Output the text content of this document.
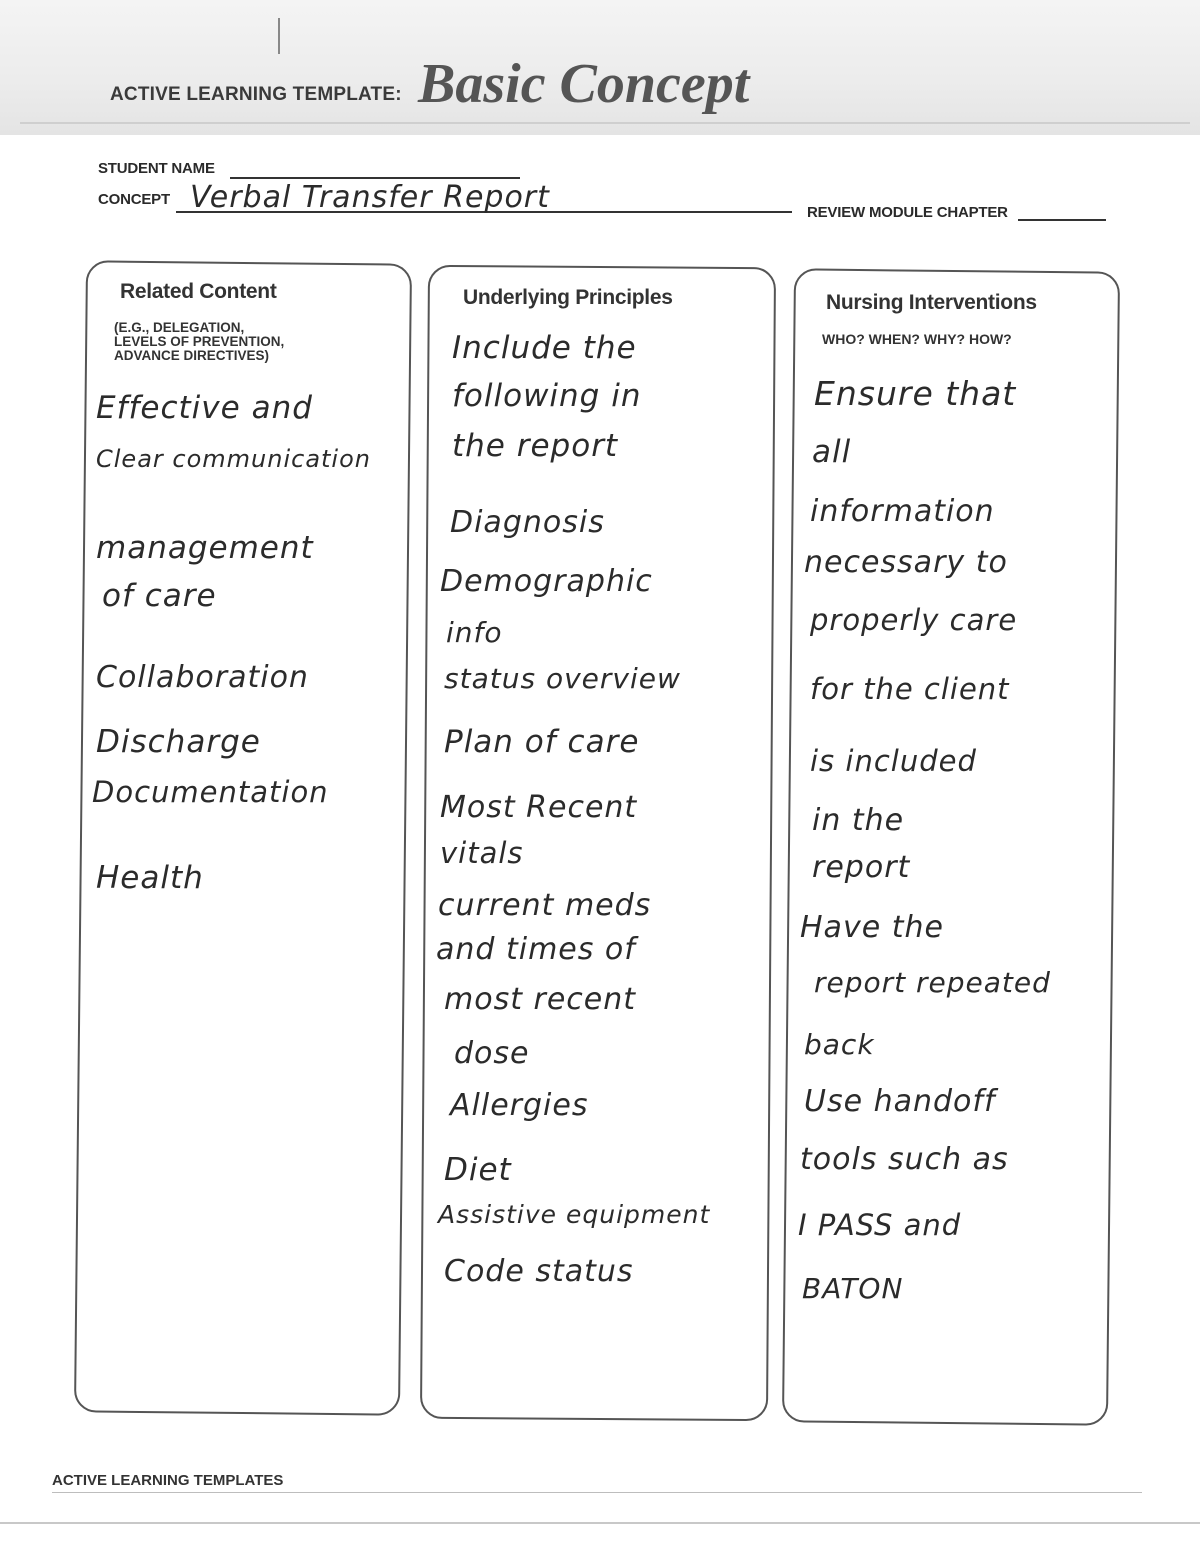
ACTIVE LEARNING TEMPLATE: Basic Concept
STUDENT NAME
CONCEPT Verbal Transfer Report	REVIEW MODULE CHAPTER
Related Content
(E.G., DELEGATION,
LEVELS OF PREVENTION,
ADVANCE DIRECTIVES)
Effective and
Clear communication
management
of care
Collaboration
Discharge
Documentation
Health
Underlying Principles
Include the
following in
the report
Diagnosis
Demographic
info
status overview
Plan of care
Most Recent
vitals
current meds
and times of
most recent
dose
Allergies
Diet
Assistive equipment
Code status
Nursing Interventions
WHO? WHEN? WHY? HOW?
Ensure that
all
information
necessary to
properly care
for the client
is included
in the
report
Have the
report repeated
back
Use handoff
tools such as
I PASS and
BATON
ACTIVE LEARNING TEMPLATES
